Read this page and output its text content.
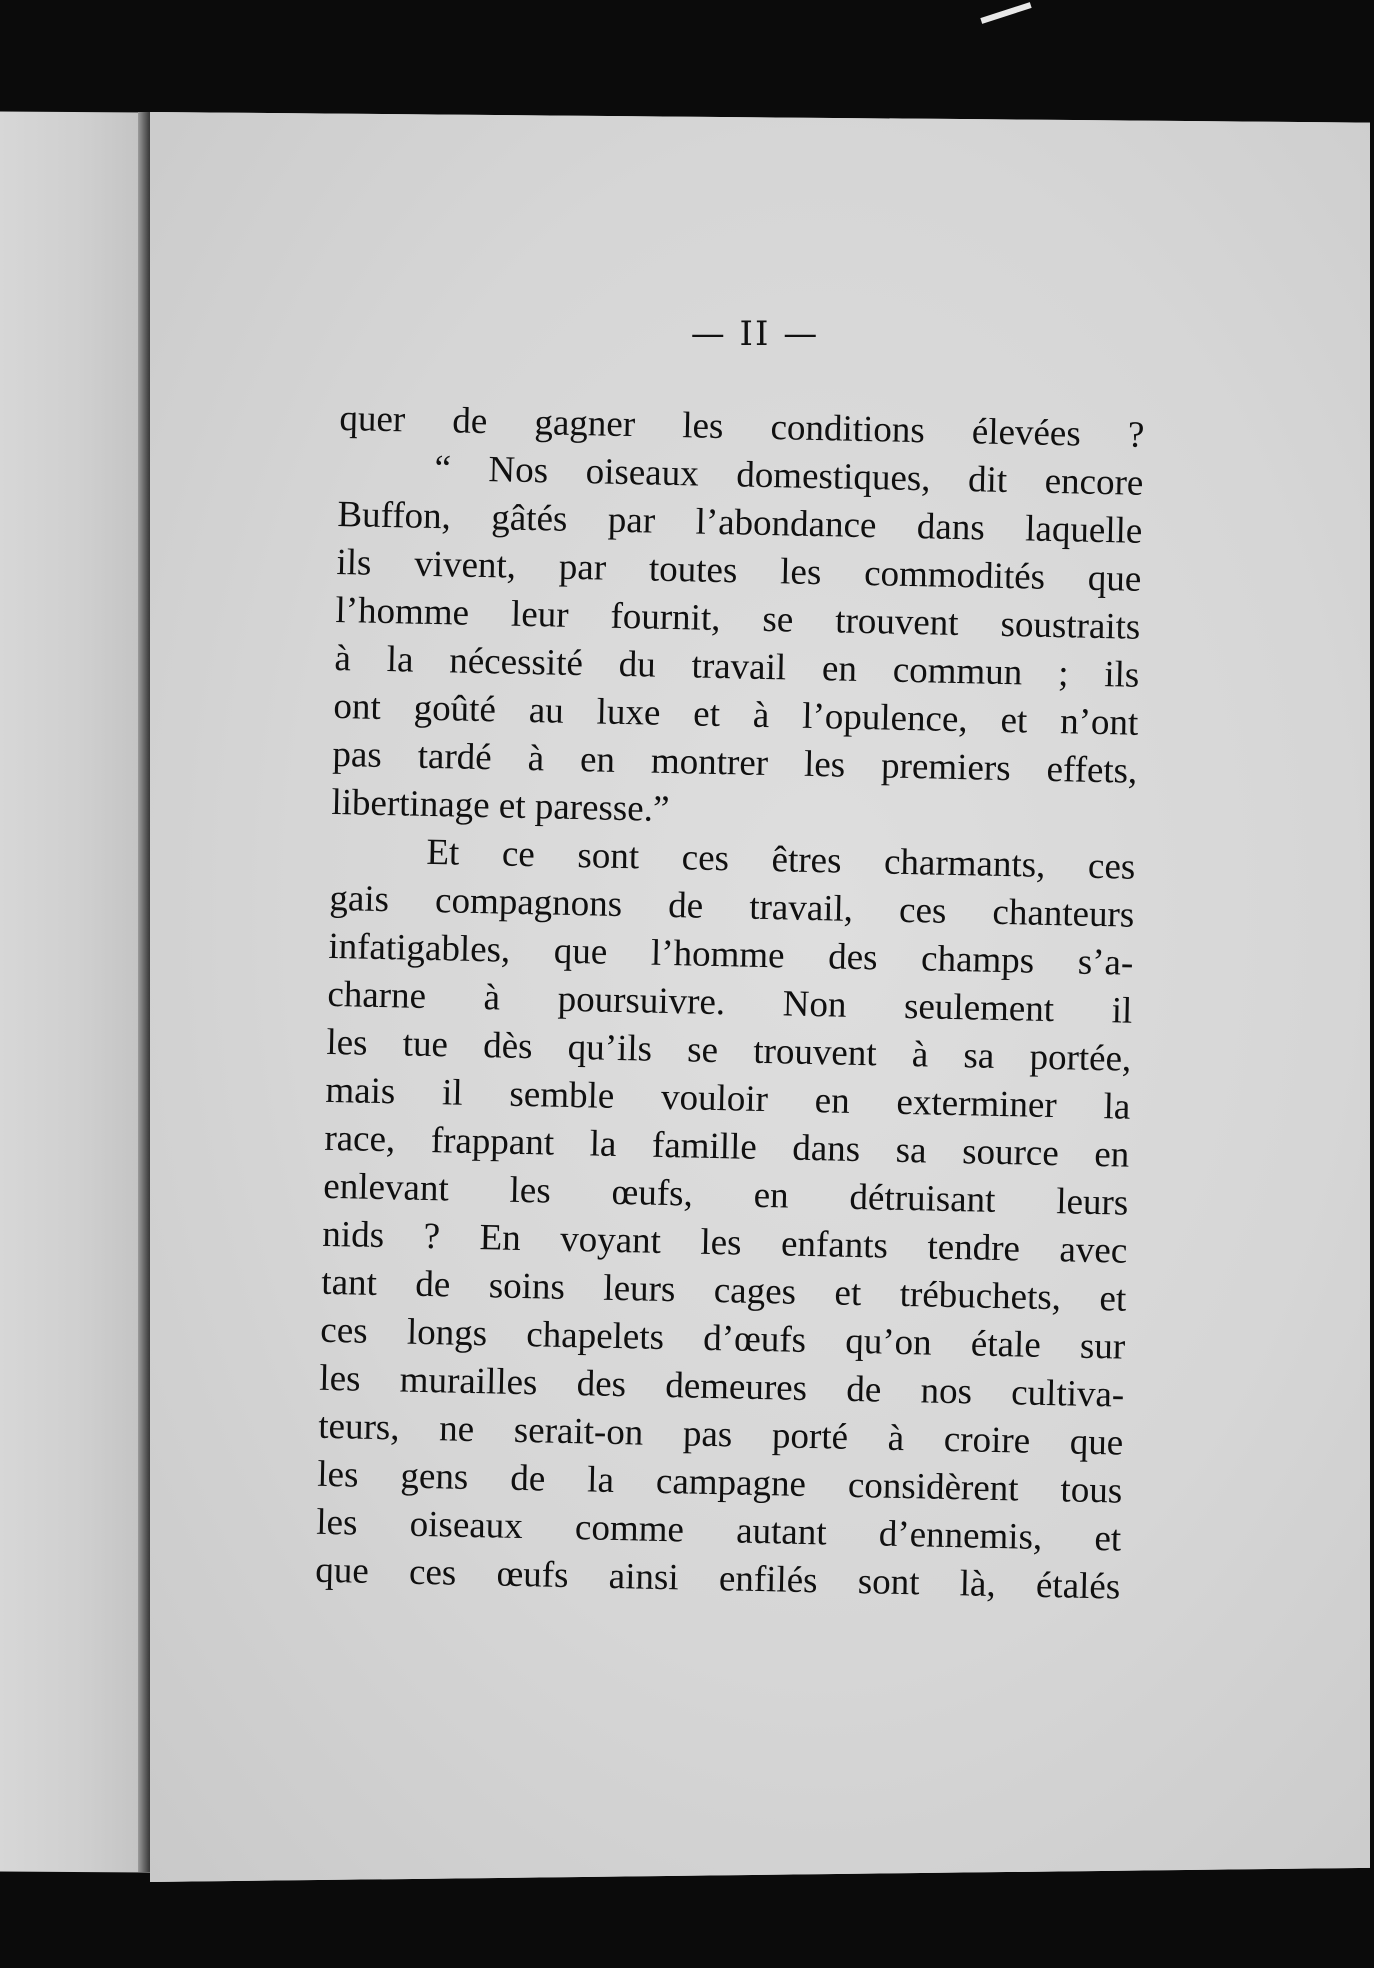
— II —
quer de gagner les conditions élevées ?
“ Nos oiseaux domestiques, dit encore
Buffon, gâtés par l’abondance dans laquelle
ils vivent, par toutes les commodités que
l’homme leur fournit, se trouvent soustraits
à la nécessité du travail en commun ; ils
ont goûté au luxe et à l’opulence, et n’ont
pas tardé à en montrer les premiers effets,
libertinage et paresse.”
Et ce sont ces êtres charmants, ces
gais compagnons de travail, ces chanteurs
infatigables, que l’homme des champs s’a-
charne à poursuivre. Non seulement il
les tue dès qu’ils se trouvent à sa portée,
mais il semble vouloir en exterminer la
race, frappant la famille dans sa source en
enlevant les œufs, en détruisant leurs
nids ? En voyant les enfants tendre avec
tant de soins leurs cages et trébuchets, et
ces longs chapelets d’œufs qu’on étale sur
les murailles des demeures de nos cultiva-
teurs, ne serait-on pas porté à croire que
les gens de la campagne considèrent tous
les oiseaux comme autant d’ennemis, et
que ces œufs ainsi enfilés sont là, étalés
